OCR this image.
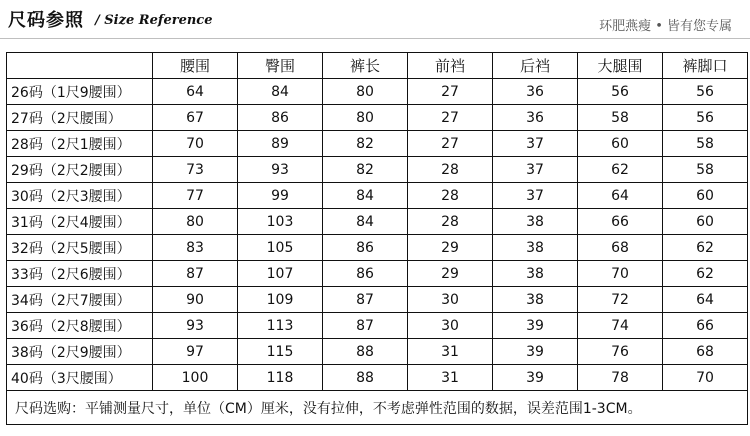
尺码参照 / Size Reference	环肥燕瘦 • 皆有您专属
	腰围	臀围	裤长	前裆	后裆	大腿围	裤脚口
26码（1尺9腰围）	64	84	80	27	36	56	56
27码（2尺腰围）	67	86	80	27	36	58	56
28码（2尺1腰围）	70	89	82	27	37	60	58
29码（2尺2腰围）	73	93	82	28	37	62	58
30码（2尺3腰围）	77	99	84	28	37	64	60
31码（2尺4腰围）	80	103	84	28	38	66	60
32码（2尺5腰围）	83	105	86	29	38	68	62
33码（2尺6腰围）	87	107	86	29	38	70	62
34码（2尺7腰围）	90	109	87	30	38	72	64
36码（2尺8腰围）	93	113	87	30	39	74	66
38码（2尺9腰围）	97	115	88	31	39	76	68
40码（3尺腰围）	100	118	88	31	39	78	70
尺码选购：平铺测量尺寸，单位（CM）厘米，没有拉伸，不考虑弹性范围的数据，误差范围1-3CM。							
